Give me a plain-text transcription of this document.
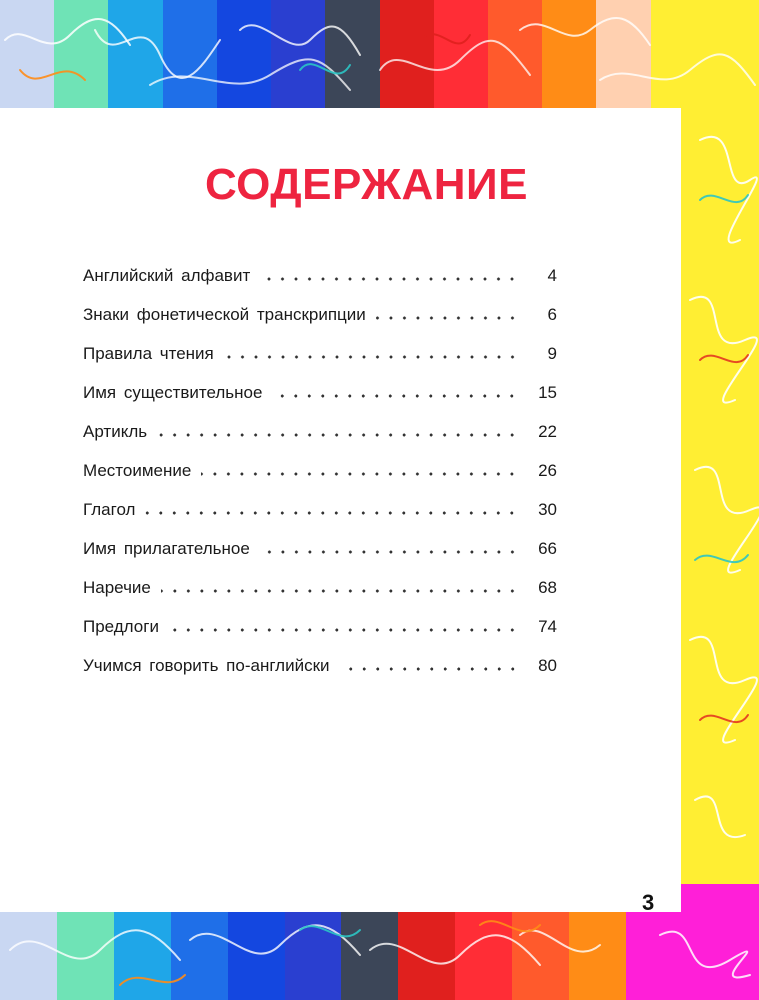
СОДЕРЖАНИЕ
Английский алфавит	4
Знаки фонетической транскрипции	6
Правила чтения	9
Имя существительное	15
Артикль	22
Местоимение	26
Глагол	30
Имя прилагательное	66
Наречие	68
Предлоги	74
Учимся говорить по-английски	80
3
